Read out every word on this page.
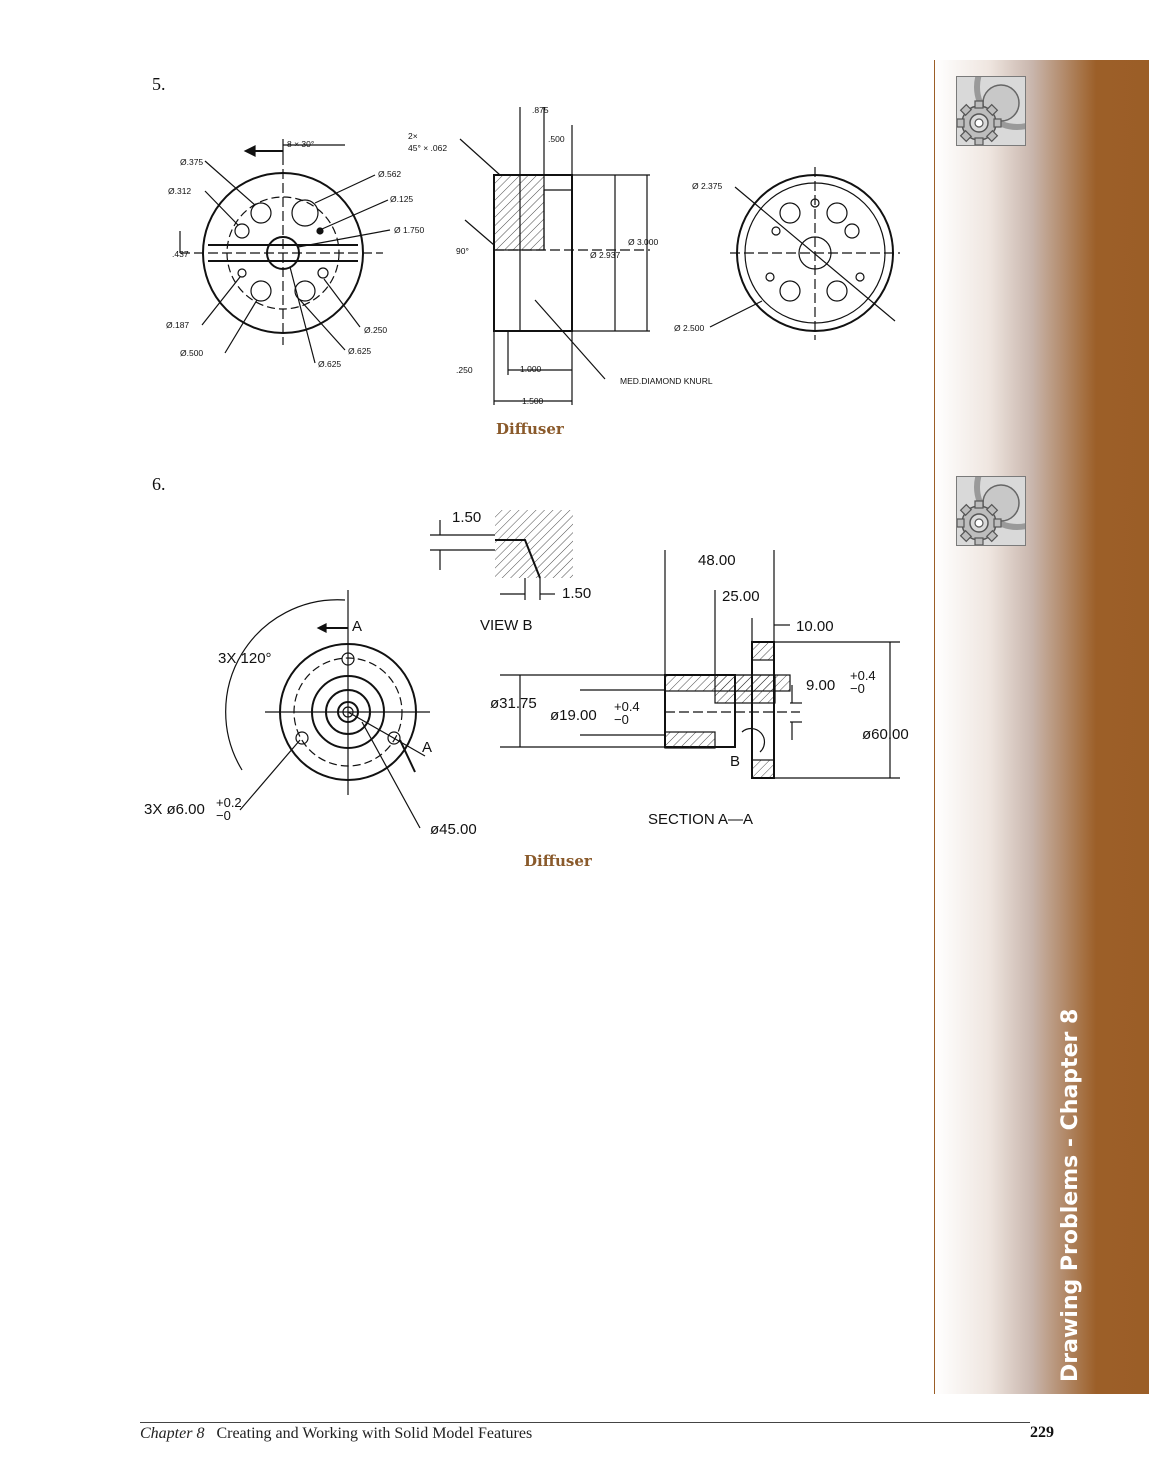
Drawing Problems - Chapter 8
5.
8 × 30°
Ø.375
Ø.312
Ø.562
Ø.125
Ø 1.750
.437
Ø.187
Ø.500
Ø.625
Ø.625
Ø.250
2×
45° × .062
.875
.500
90°	Ø 2.937
Ø 3.000
.250	1.000
1.500
MED.DIAMOND KNURL
Ø 2.375
Ø 2.500
Diffuser
6.
1.50
1.50
VIEW B
48.00
25.00
10.00
A
A
3X 120°
ø31.75
ø19.00
+0.4
−0
9.00
+0.4
−0
ø60.00
B
3X ø6.00 +0.2
−0
ø45.00
SECTION A—A
Diffuser
Chapter 8 Creating and Working with Solid Model Features	229
